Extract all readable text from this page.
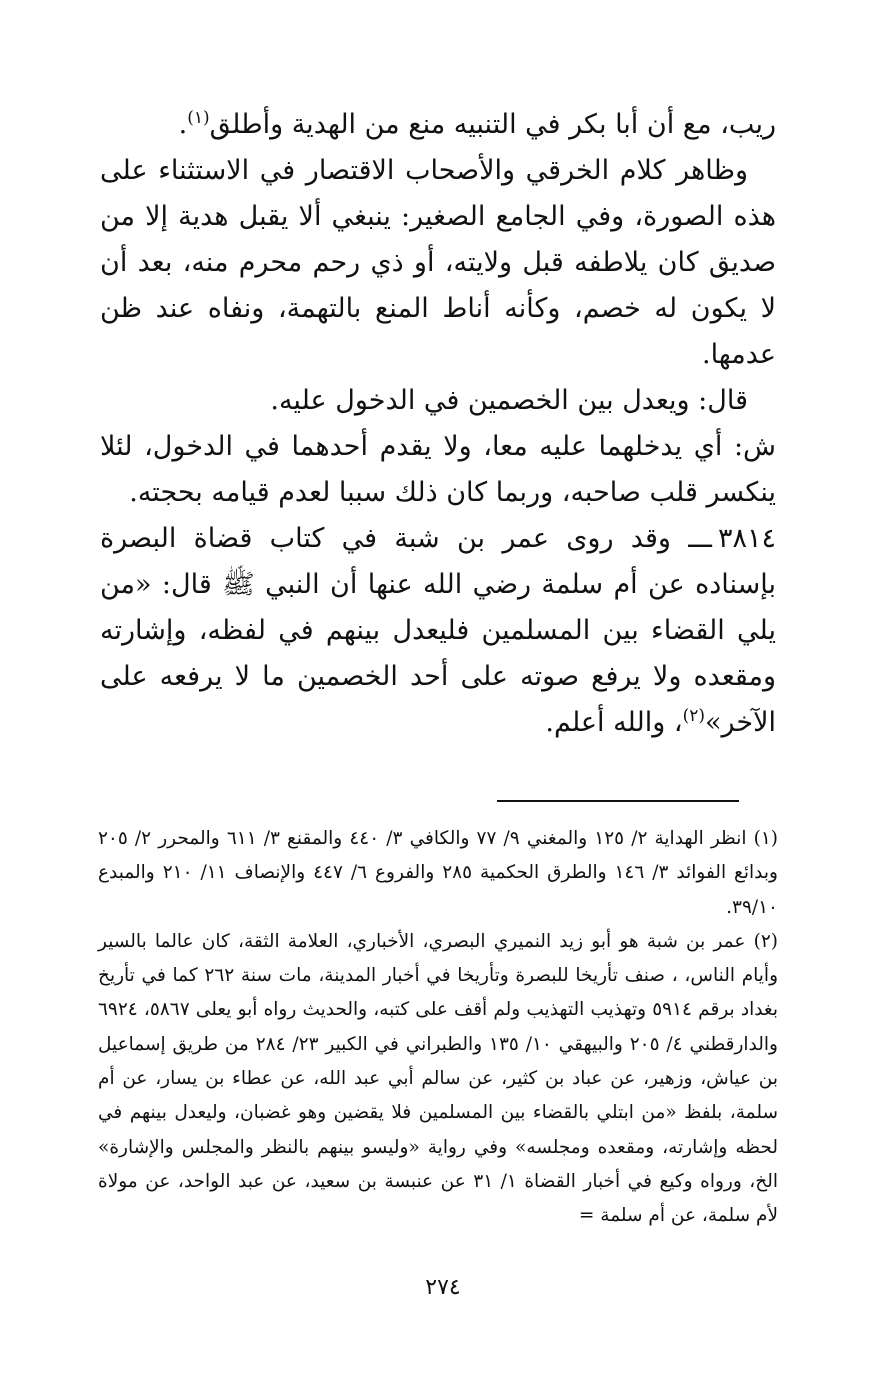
ريب، مع أن أبا بكر في التنبيه منع من الهدية وأطلق$^{(١)}$.

وظاهر كلام الخرقي والأصحاب الاقتصار في الاستثناء على هذه الصورة، وفي الجامع الصغير: ينبغي ألا يقبل هدية إلا من صديق كان يلاطفه قبل ولايته، أو ذي رحم محرم منه، بعد أن لا يكون له خصم، وكأنه أناط المنع بالتهمة، ونفاه عند ظن عدمها.

قال: ويعدل بين الخصمين في الدخول عليه.

ش: أي يدخلهما عليه معا، ولا يقدم أحدهما في الدخول، لئلا ينكسر قلب صاحبه، وربما كان ذلك سببا لعدم قيامه بحجته.

٣٨١٤ـــ وقد روى عمر بن شبة في كتاب قضاة البصرة بإسناده عن أم سلمة رضي الله عنها أن النبي ﷺ قال: «من يلي القضاء بين المسلمين فليعدل بينهم في لفظه، وإشارته ومقعده ولا يرفع صوته على أحد الخصمين ما لا يرفعه على الآخر»$^{(٢)}$، والله أعلم.

(١) انظر الهداية ٢/ ١٢٥ والمغني ٩/ ٧٧ والكافي ٣/ ٤٤٠ والمقنع ٣/ ٦١١ والمحرر ٢/ ٢٠٥ وبدائع الفوائد ٣/ ١٤٦ والطرق الحكمية ٢٨٥ والفروع ٦/ ٤٤٧ والإنصاف ١١/ ٢١٠ والمبدع ٣٩/١٠.

(٢) عمر بن شبة هو أبو زيد النميري البصري، الأخباري، العلامة الثقة، كان عالما بالسير وأيام الناس، ، صنف تأريخا للبصرة وتأريخا في أخبار المدينة، مات سنة ٢٦٢ كما في تأريخ بغداد برقم ٥٩١٤ وتهذيب التهذيب ولم أقف على كتبه، والحديث رواه أبو يعلى ٥٨٦٧، ٦٩٢٤ والدارقطني ٤/ ٢٠٥ والبيهقي ١٠/ ١٣٥ والطبراني في الكبير ٢٣/ ٢٨٤ من طريق إسماعيل بن عياش، وزهير، عن عباد بن كثير، عن سالم أبي عبد الله، عن عطاء بن يسار، عن أم سلمة، بلفظ «من ابتلي بالقضاء بين المسلمين فلا يقضين وهو غضبان، وليعدل بينهم في لحظه وإشارته، ومقعده ومجلسه» وفي رواية «وليسو بينهم بالنظر والمجلس والإشارة» الخ، ورواه وكيع في أخبار القضاة ١/ ٣١ عن عنبسة بن سعيد، عن عبد الواحد، عن مولاة لأم سلمة، عن أم سلمة =

٢٧٤
